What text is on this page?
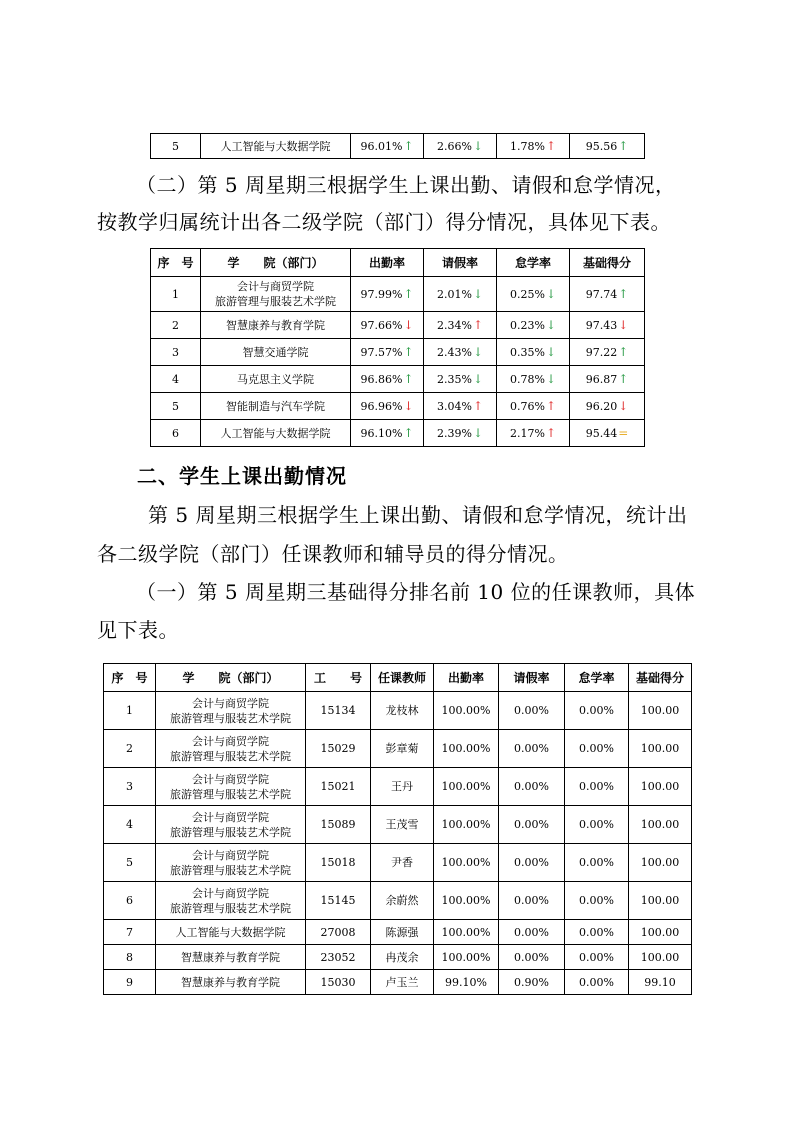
5	人工智能与大数据学院	96.01%↑	2.66%↓	1.78%↑	95.56↑
（二）第 5 周星期三根据学生上课出勤、请假和怠学情况，
按教学归属统计出各二级学院（部门）得分情况，具体见下表。
序　号	学　　院（部门）	出勤率	请假率	怠学率	基础得分
1	会计与商贸学院
旅游管理与服装艺术学院	97.99%↑	2.01%↓	0.25%↓	97.74↑
2	智慧康养与教育学院	97.66%↓	2.34%↑	0.23%↓	97.43↓
3	智慧交通学院	97.57%↑	2.43%↓	0.35%↓	97.22↑
4	马克思主义学院	96.86%↑	2.35%↓	0.78%↓	96.87↑
5	智能制造与汽车学院	96.96%↓	3.04%↑	0.76%↑	96.20↓
6	人工智能与大数据学院	96.10%↑	2.39%↓	2.17%↑	95.44=
二、学生上课出勤情况
第 5 周星期三根据学生上课出勤、请假和怠学情况，统计出
各二级学院（部门）任课教师和辅导员的得分情况。
（一）第 5 周星期三基础得分排名前 10 位的任课教师，具体
见下表。
序　号	学　　院（部门）	工　　号	任课教师	出勤率	请假率	怠学率	基础得分
1	会计与商贸学院
旅游管理与服装艺术学院	15134	龙枝林	100.00%	0.00%	0.00%	100.00
2	会计与商贸学院
旅游管理与服装艺术学院	15029	彭章菊	100.00%	0.00%	0.00%	100.00
3	会计与商贸学院
旅游管理与服装艺术学院	15021	王丹	100.00%	0.00%	0.00%	100.00
4	会计与商贸学院
旅游管理与服装艺术学院	15089	王茂雪	100.00%	0.00%	0.00%	100.00
5	会计与商贸学院
旅游管理与服装艺术学院	15018	尹香	100.00%	0.00%	0.00%	100.00
6	会计与商贸学院
旅游管理与服装艺术学院	15145	余蔚然	100.00%	0.00%	0.00%	100.00
7	人工智能与大数据学院	27008	陈源强	100.00%	0.00%	0.00%	100.00
8	智慧康养与教育学院	23052	冉茂余	100.00%	0.00%	0.00%	100.00
9	智慧康养与教育学院	15030	卢玉兰	99.10%	0.90%	0.00%	99.10
